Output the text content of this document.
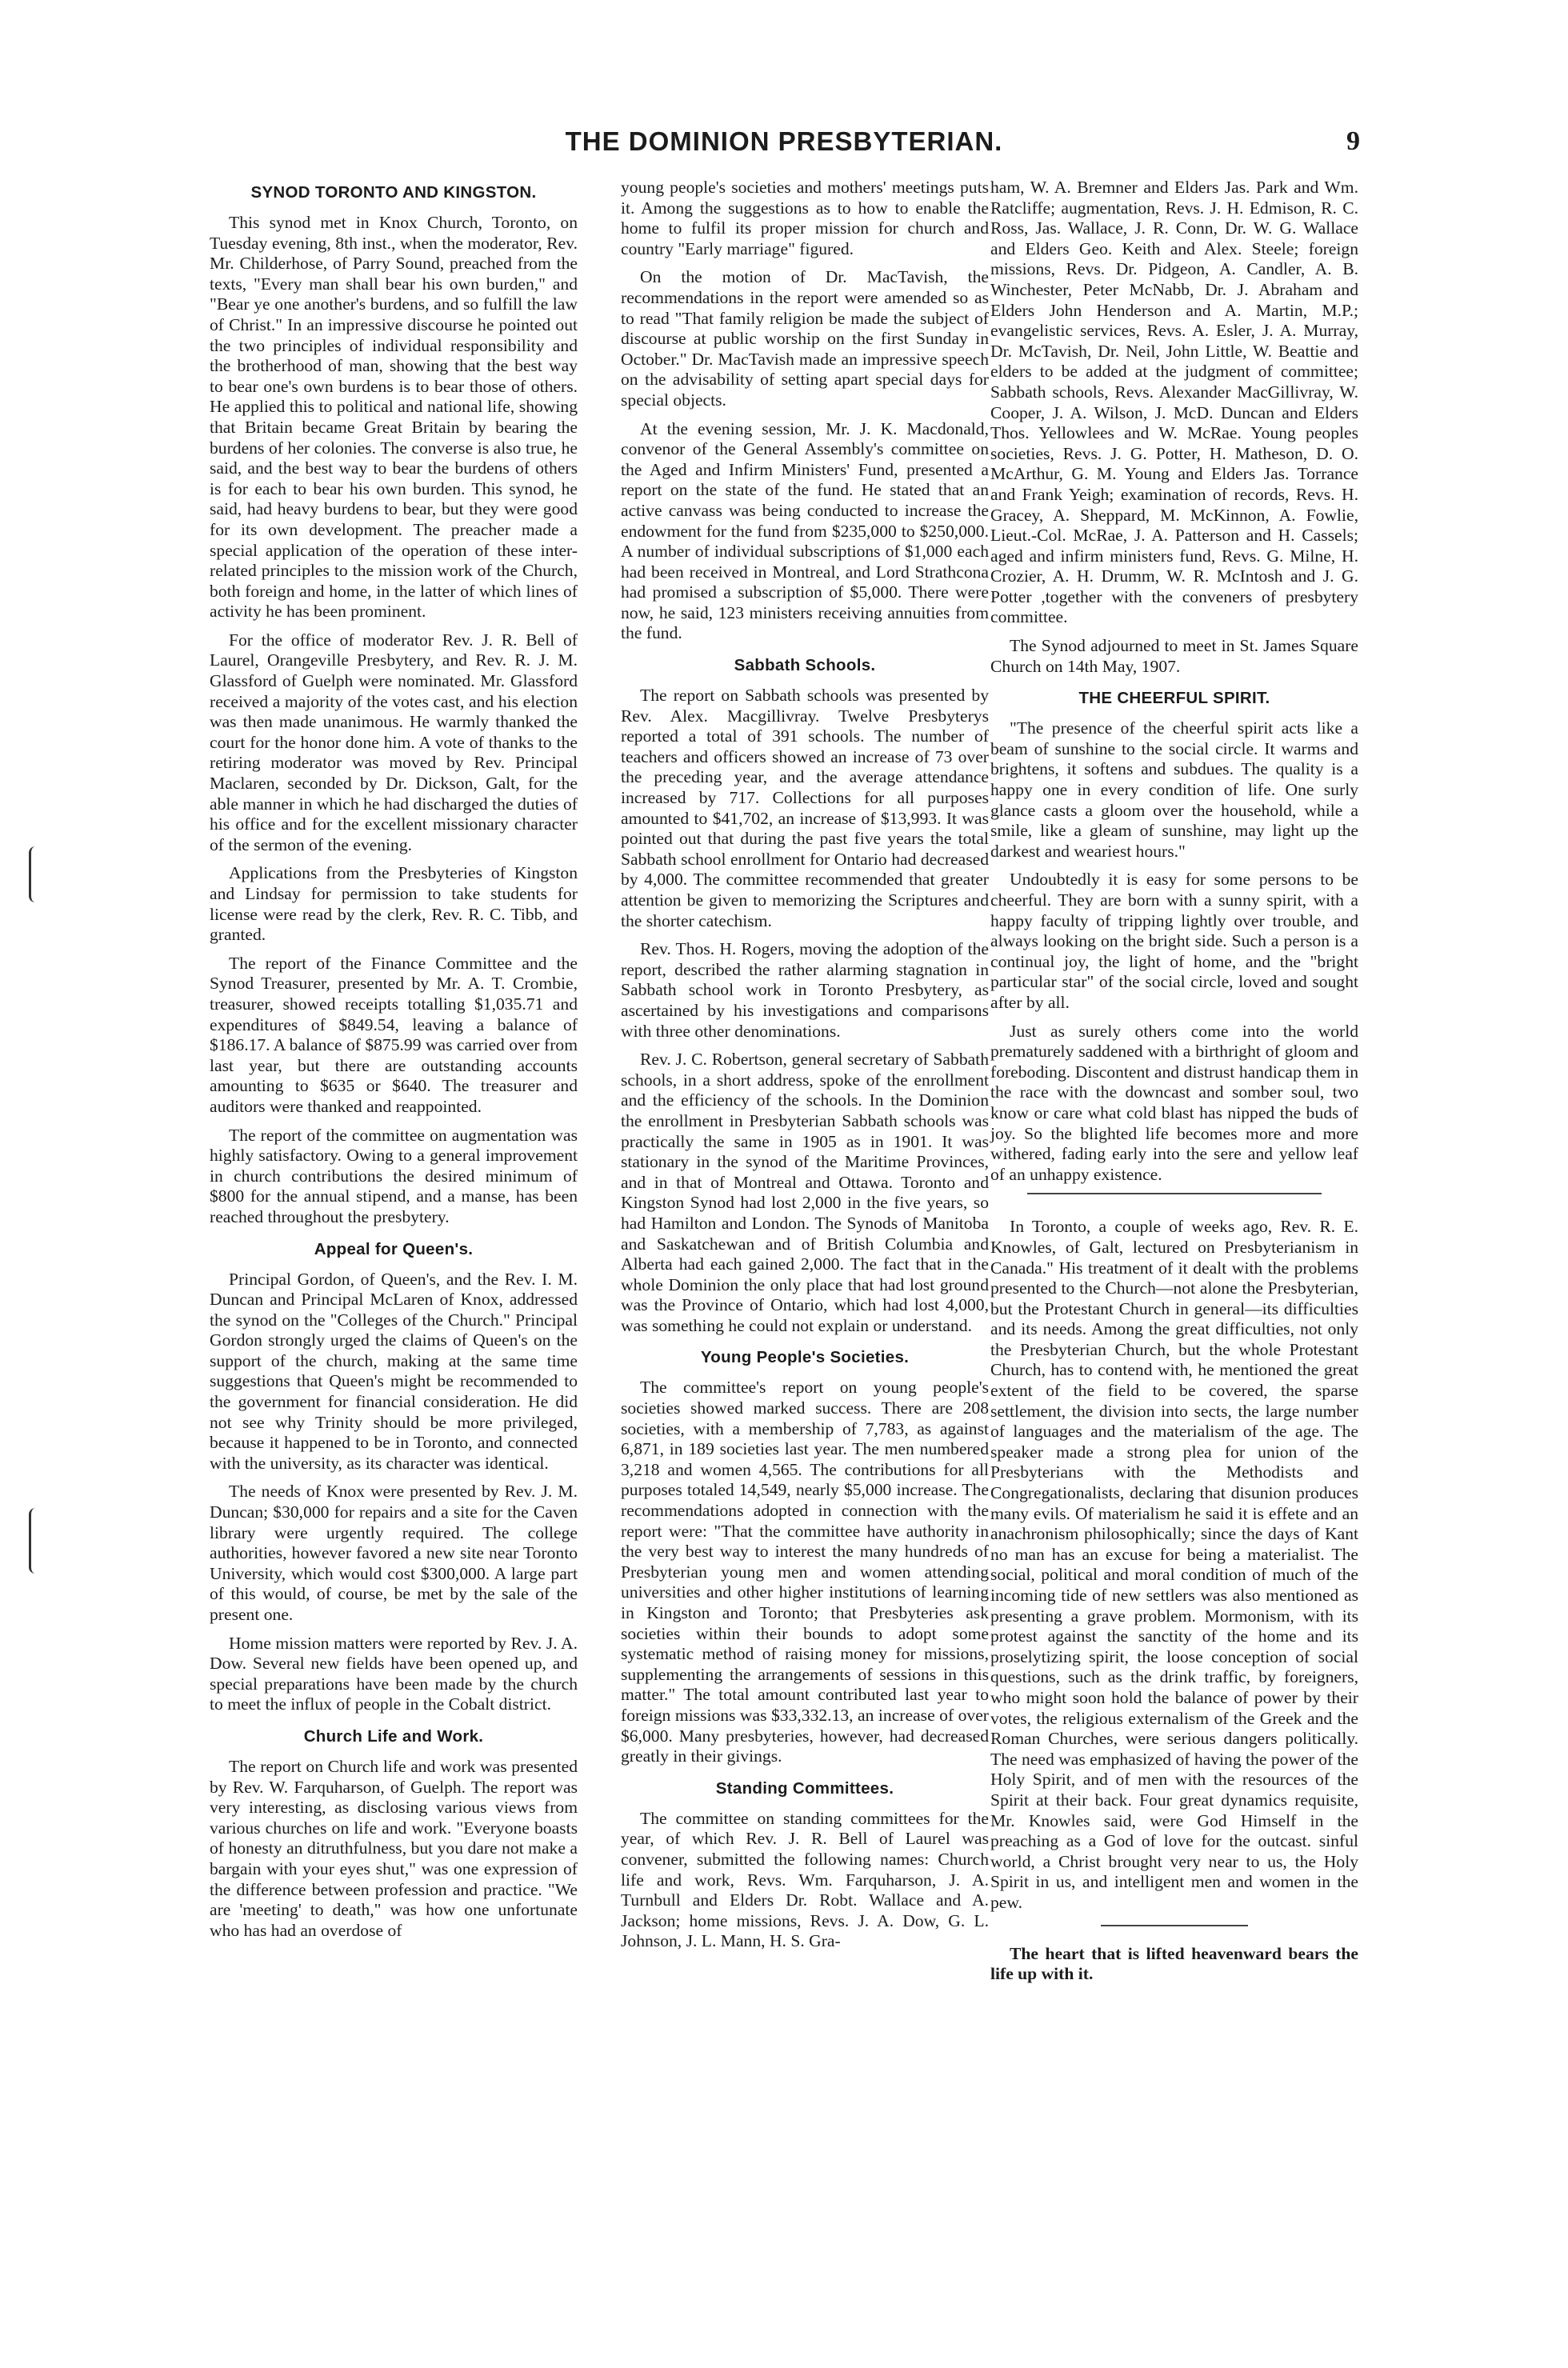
THE DOMINION PRESBYTERIAN.	9
SYNOD TORONTO AND KINGSTON.

This synod met in Knox Church, Toronto, on Tuesday evening, 8th inst., when the moderator, Rev. Mr. Childerhose, of Parry Sound, preached from the texts, "Every man shall bear his own burden," and "Bear ye one another's burdens, and so fulfill the law of Christ." In an impressive discourse he pointed out the two principles of individual responsibility and the brotherhood of man, showing that the best way to bear one's own burdens is to bear those of others. He applied this to political and national life, showing that Britain became Great Britain by bearing the burdens of her colonies. The converse is also true, he said, and the best way to bear the burdens of others is for each to bear his own burden. This synod, he said, had heavy burdens to bear, but they were good for its own development. The preacher made a special application of the operation of these inter-related principles to the mission work of the Church, both foreign and home, in the latter of which lines of activity he has been prominent.

For the office of moderator Rev. J. R. Bell of Laurel, Orangeville Presbytery, and Rev. R. J. M. Glassford of Guelph were nominated. Mr. Glassford received a majority of the votes cast, and his election was then made unanimous. He warmly thanked the court for the honor done him. A vote of thanks to the retiring moderator was moved by Rev. Principal Maclaren, seconded by Dr. Dickson, Galt, for the able manner in which he had discharged the duties of his office and for the excellent missionary character of the sermon of the evening.

Applications from the Presbyteries of Kingston and Lindsay for permission to take students for license were read by the clerk, Rev. R. C. Tibb, and granted.

The report of the Finance Committee and the Synod Treasurer, presented by Mr. A. T. Crombie, treasurer, showed receipts totalling $1,035.71 and expenditures of $849.54, leaving a balance of $186.17. A balance of $875.99 was carried over from last year, but there are outstanding accounts amounting to $635 or $640. The treasurer and auditors were thanked and reappointed.

The report of the committee on augmentation was highly satisfactory. Owing to a general improvement in church contributions the desired minimum of $800 for the annual stipend, and a manse, has been reached throughout the presbytery.

Appeal for Queen's.

Principal Gordon, of Queen's, and the Rev. I. M. Duncan and Principal McLaren of Knox, addressed the synod on the "Colleges of the Church." Principal Gordon strongly urged the claims of Queen's on the support of the church, making at the same time suggestions that Queen's might be recommended to the government for financial consideration. He did not see why Trinity should be more privileged, because it happened to be in Toronto, and connected with the university, as its character was identical.

The needs of Knox were presented by Rev. J. M. Duncan; $30,000 for repairs and a site for the Caven library were urgently required. The college authorities, however favored a new site near Toronto University, which would cost $300,000. A large part of this would, of course, be met by the sale of the present one.

Home mission matters were reported by Rev. J. A. Dow. Several new fields have been opened up, and special preparations have been made by the church to meet the influx of people in the Cobalt district.

Church Life and Work.

The report on Church life and work was presented by Rev. W. Farquharson, of Guelph. The report was very interesting, as disclosing various views from various churches on life and work. "Everyone boasts of honesty an ditruthfulness, but you dare not make a bargain with your eyes shut," was one expression of the difference between profession and practice. "We are 'meeting' to death," was how one unfortunate who has had an overdose of

young people's societies and mothers' meetings puts it. Among the suggestions as to how to enable the home to fulfil its proper mission for church and country "Early marriage" figured.

On the motion of Dr. MacTavish, the recommendations in the report were amended so as to read "That family religion be made the subject of discourse at public worship on the first Sunday in October." Dr. MacTavish made an impressive speech on the advisability of setting apart special days for special objects.

At the evening session, Mr. J. K. Macdonald, convenor of the General Assembly's committee on the Aged and Infirm Ministers' Fund, presented a report on the state of the fund. He stated that an active canvass was being conducted to increase the endowment for the fund from $235,000 to $250,000. A number of individual subscriptions of $1,000 each had been received in Montreal, and Lord Strathcona had promised a subscription of $5,000. There were now, he said, 123 ministers receiving annuities from the fund.

Sabbath Schools.

The report on Sabbath schools was presented by Rev. Alex. Macgillivray. Twelve Presbyterys reported a total of 391 schools. The number of teachers and officers showed an increase of 73 over the preceding year, and the average attendance increased by 717. Collections for all purposes amounted to $41,702, an increase of $13,993. It was pointed out that during the past five years the total Sabbath school enrollment for Ontario had decreased by 4,000. The committee recommended that greater attention be given to memorizing the Scriptures and the shorter catechism.

Rev. Thos. H. Rogers, moving the adoption of the report, described the rather alarming stagnation in Sabbath school work in Toronto Presbytery, as ascertained by his investigations and comparisons with three other denominations.

Rev. J. C. Robertson, general secretary of Sabbath schools, in a short address, spoke of the enrollment and the efficiency of the schools. In the Dominion the enrollment in Presbyterian Sabbath schools was practically the same in 1905 as in 1901. It was stationary in the synod of the Maritime Provinces, and in that of Montreal and Ottawa. Toronto and Kingston Synod had lost 2,000 in the five years, so had Hamilton and London. The Synods of Manitoba and Saskatchewan and of British Columbia and Alberta had each gained 2,000. The fact that in the whole Dominion the only place that had lost ground was the Province of Ontario, which had lost 4,000, was something he could not explain or understand.

Young People's Societies.

The committee's report on young people's societies showed marked success. There are 208 societies, with a membership of 7,783, as against 6,871, in 189 societies last year. The men numbered 3,218 and women 4,565. The contributions for all purposes totaled 14,549, nearly $5,000 increase. The recommendations adopted in connection with the report were: "That the committee have authority in the very best way to interest the many hundreds of Presbyterian young men and women attending universities and other higher institutions of learning in Kingston and Toronto; that Presbyteries ask societies within their bounds to adopt some systematic method of raising money for missions, supplementing the arrangements of sessions in this matter." The total amount contributed last year to foreign missions was $33,332.13, an increase of over $6,000. Many presbyteries, however, had decreased greatly in their givings.

Standing Committees.

The committee on standing committees for the year, of which Rev. J. R. Bell of Laurel was convener, submitted the following names: Church life and work, Revs. Wm. Farquharson, J. A. Turnbull and Elders Dr. Robt. Wallace and A. Jackson; home missions, Revs. J. A. Dow, G. L. Johnson, J. L. Mann, H. S. Gra-

ham, W. A. Bremner and Elders Jas. Park and Wm. Ratcliffe; augmentation, Revs. J. H. Edmison, R. C. Ross, Jas. Wallace, J. R. Conn, Dr. W. G. Wallace and Elders Geo. Keith and Alex. Steele; foreign missions, Revs. Dr. Pidgeon, A. Candler, A. B. Winchester, Peter McNabb, Dr. J. Abraham and Elders John Henderson and A. Martin, M.P.; evangelistic services, Revs. A. Esler, J. A. Murray, Dr. McTavish, Dr. Neil, John Little, W. Beattie and elders to be added at the judgment of committee; Sabbath schools, Revs. Alexander MacGillivray, W. Cooper, J. A. Wilson, J. McD. Duncan and Elders Thos. Yellowlees and W. McRae. Young peoples societies, Revs. J. G. Potter, H. Matheson, D. O. McArthur, G. M. Young and Elders Jas. Torrance and Frank Yeigh; examination of records, Revs. H. Gracey, A. Sheppard, M. McKinnon, A. Fowlie, Lieut.-Col. McRae, J. A. Patterson and H. Cassels; aged and infirm ministers fund, Revs. G. Milne, H. Crozier, A. H. Drumm, W. R. McIntosh and J. G. Potter ,together with the conveners of presbytery committee.

The Synod adjourned to meet in St. James Square Church on 14th May, 1907.

THE CHEERFUL SPIRIT.

"The presence of the cheerful spirit acts like a beam of sunshine to the social circle. It warms and brightens, it softens and subdues. The quality is a happy one in every condition of life. One surly glance casts a gloom over the household, while a smile, like a gleam of sunshine, may light up the darkest and weariest hours."

Undoubtedly it is easy for some persons to be cheerful. They are born with a sunny spirit, with a happy faculty of tripping lightly over trouble, and always looking on the bright side. Such a person is a continual joy, the light of home, and the "bright particular star" of the social circle, loved and sought after by all.

Just as surely others come into the world prematurely saddened with a birthright of gloom and foreboding. Discontent and distrust handicap them in the race with the downcast and somber soul, two know or care what cold blast has nipped the buds of joy. So the blighted life becomes more and more withered, fading early into the sere and yellow leaf of an unhappy existence.

In Toronto, a couple of weeks ago, Rev. R. E. Knowles, of Galt, lectured on Presbyterianism in Canada." His treatment of it dealt with the problems presented to the Church—not alone the Presbyterian, but the Protestant Church in general—its difficulties and its needs. Among the great difficulties, not only the Presbyterian Church, but the whole Protestant Church, has to contend with, he mentioned the great extent of the field to be covered, the sparse settlement, the division into sects, the large number of languages and the materialism of the age. The speaker made a strong plea for union of the Presbyterians with the Methodists and Congregationalists, declaring that disunion produces many evils. Of materialism he said it is effete and an anachronism philosophically; since the days of Kant no man has an excuse for being a materialist. The social, political and moral condition of much of the incoming tide of new settlers was also mentioned as presenting a grave problem. Mormonism, with its protest against the sanctity of the home and its proselytizing spirit, the loose conception of social questions, such as the drink traffic, by foreigners, who might soon hold the balance of power by their votes, the religious externalism of the Greek and the Roman Churches, were serious dangers politically. The need was emphasized of having the power of the Holy Spirit, and of men with the resources of the Spirit at their back. Four great dynamics requisite, Mr. Knowles said, were God Himself in the preaching as a God of love for the outcast. sinful world, a Christ brought very near to us, the Holy Spirit in us, and intelligent men and women in the pew.

The heart that is lifted heavenward bears the life up with it.
